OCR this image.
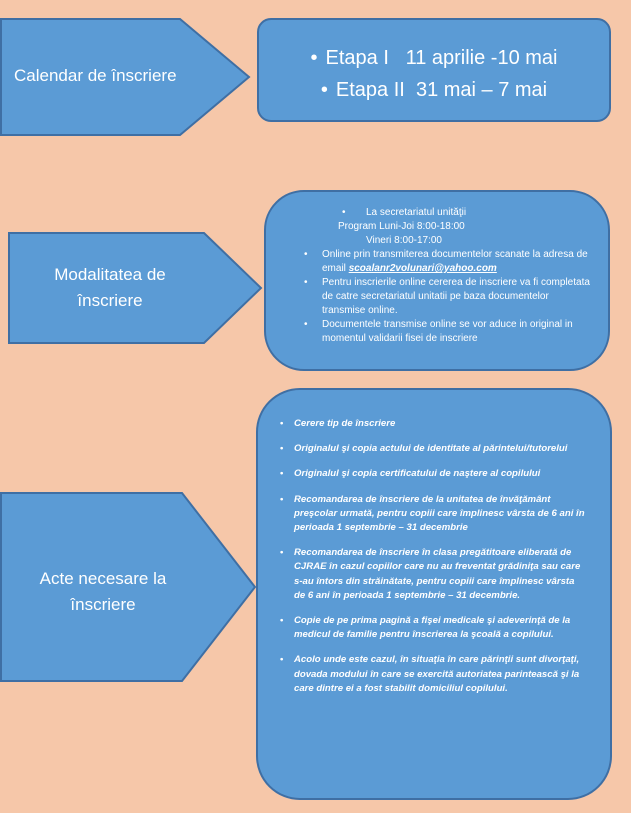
Calendar de înscriere
• Etapa I   11 aprilie -10 mai
• Etapa II  31 mai – 7 mai
Modalitatea de
înscriere
• La secretariatul unităţii
Program Luni-Joi 8:00-18:00
Vineri 8:00-17:00
• Online prin transmiterea documentelor scanate la adresa de email scoalanr2volunari@yahoo.com
• Pentru inscrierile online cererea de inscriere va fi completata de catre secretariatul unitatii pe baza documentelor transmise online.
• Documentele transmise online se vor aduce in original in momentul validarii fisei de inscriere
Acte necesare la
înscriere
• Cerere tip de înscriere
• Originalul şi copia actului de identitate al părintelui/tutorelui
• Originalul şi copia certificatului de naştere al copilului
• Recomandarea de înscriere de la unitatea de învăţământ preşcolar urmată, pentru copiii care împlinesc vârsta de 6 ani în perioada 1 septembrie – 31 decembrie
• Recomandarea de înscriere în clasa pregătitoare eliberată de CJRAE în cazul copiilor care nu au freventat grădiniţa sau care s-au întors din străinătate, pentru copiii care împlinesc vârsta de 6 ani în perioada 1 septembrie – 31 decembrie.
• Copie de pe prima pagină a fişei medicale şi adeverinţă de la medicul de familie pentru înscrierea la şcoală a copilului.
• Acolo unde este cazul, în situaţia în care părinţii sunt divorţaţi, dovada modului în care se exercită autoriatea parintească şi la care dintre ei a fost stabilit domiciliul copilului.
